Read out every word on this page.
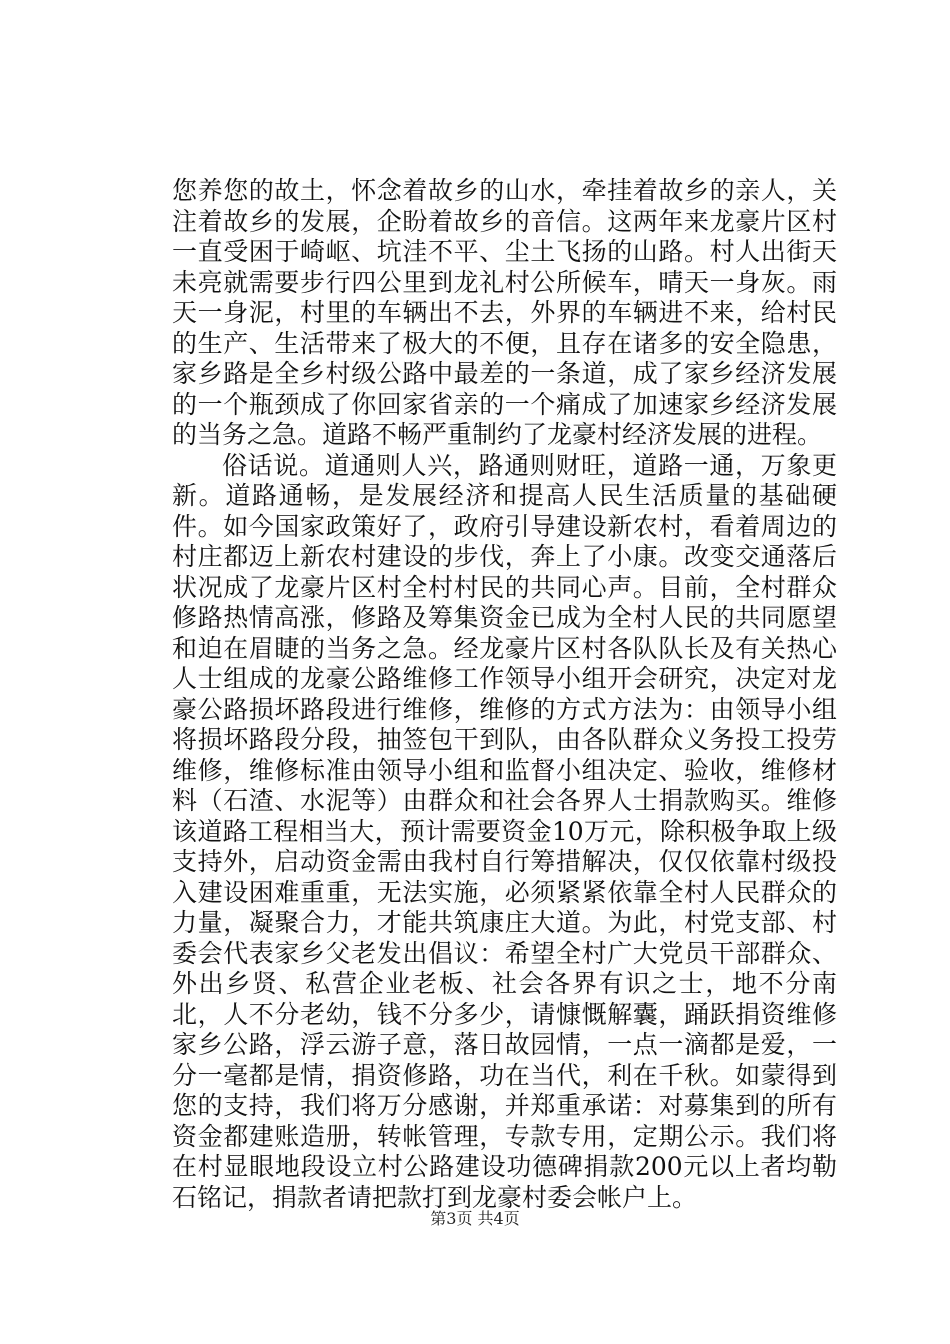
您养您的故土，怀念着故乡的山水，牵挂着故乡的亲人，关注着故乡的发展，企盼着故乡的音信。这两年来龙豪片区村一直受困于崎岖、坑洼不平、尘土飞扬的山路。村人出街天未亮就需要步行四公里到龙礼村公所候车，晴天一身灰。雨天一身泥，村里的车辆出不去，外界的车辆进不来，给村民的生产、生活带来了极大的不便，且存在诸多的安全隐患，家乡路是全乡村级公路中最差的一条道，成了家乡经济发展的一个瓶颈成了你回家省亲的一个痛成了加速家乡经济发展的当务之急。道路不畅严重制约了龙豪村经济发展的进程。

俗话说。道通则人兴，路通则财旺，道路一通，万象更新。道路通畅，是发展经济和提高人民生活质量的基础硬件。如今国家政策好了，政府引导建设新农村，看着周边的村庄都迈上新农村建设的步伐，奔上了小康。改变交通落后状况成了龙豪片区村全村村民的共同心声。目前，全村群众修路热情高涨，修路及筹集资金已成为全村人民的共同愿望和迫在眉睫的当务之急。经龙豪片区村各队队长及有关热心人士组成的龙豪公路维修工作领导小组开会研究，决定对龙豪公路损坏路段进行维修，维修的方式方法为：由领导小组将损坏路段分段，抽签包干到队，由各队群众义务投工投劳维修，维修标准由领导小组和监督小组决定、验收，维修材料（石渣、水泥等）由群众和社会各界人士捐款购买。维修该道路工程相当大，预计需要资金10万元，除积极争取上级支持外，启动资金需由我村自行筹措解决，仅仅依靠村级投入建设困难重重，无法实施，必须紧紧依靠全村人民群众的力量，凝聚合力，才能共筑康庄大道。为此，村党支部、村委会代表家乡父老发出倡议：希望全村广大党员干部群众、外出乡贤、私营企业老板、社会各界有识之士，地不分南北，人不分老幼，钱不分多少，请慷慨解囊，踊跃捐资维修家乡公路，浮云游子意，落日故园情，一点一滴都是爱，一分一毫都是情，捐资修路，功在当代，利在千秋。如蒙得到您的支持，我们将万分感谢，并郑重承诺：对募集到的所有资金都建账造册，转帐管理，专款专用，定期公示。我们将在村显眼地段设立村公路建设功德碑捐款200元以上者均勒石铭记，捐款者请把款打到龙豪村委会帐户上。

第3页 共4页
